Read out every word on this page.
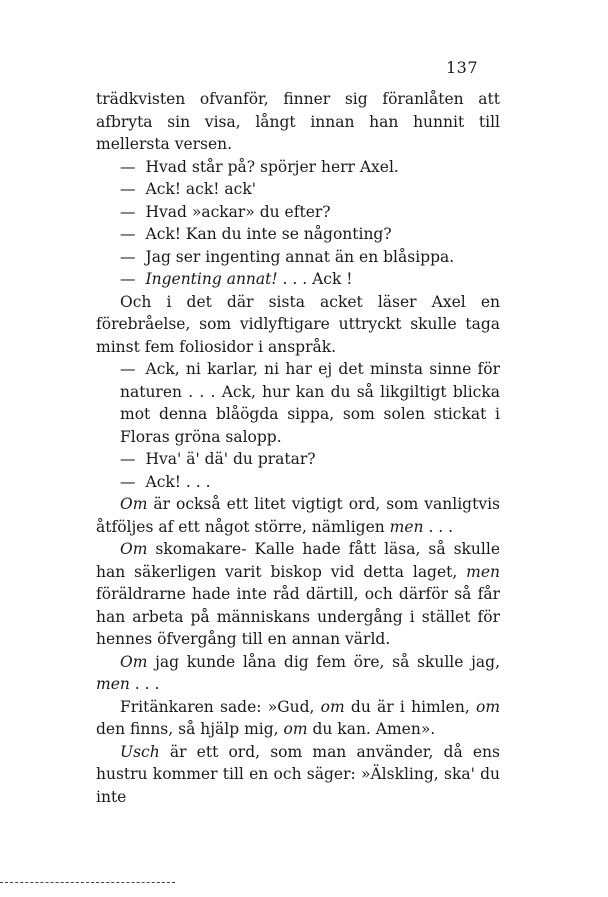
137

trädkvisten ofvanför, finner sig föranlåten att afbryta sin visa, långt innan han hunnit till mellersta versen.

— Hvad står på? spörjer herr Axel.

— Ack! ack! ack'

— Hvad »ackar» du efter?

— Ack! Kan du inte se någonting?

— Jag ser ingenting annat än en blåsippa.

— Ingenting annat! . . . Ack !

Och i det där sista acket läser Axel en förebråelse, som vidlyftigare uttryckt skulle taga minst fem foliosidor i anspråk.

— Ack, ni karlar, ni har ej det minsta sinne för naturen . . . Ack, hur kan du så likgiltigt blicka mot denna blåögda sippa, som solen stickat i Floras gröna salopp.

— Hva' ä' dä' du pratar?

— Ack! . . .

Om är också ett litet vigtigt ord, som vanligtvis åtföljes af ett något större, nämligen men . . .

Om skomakare- Kalle hade fått läsa, så skulle han säkerligen varit biskop vid detta laget, men föräldrarne hade inte råd därtill, och därför så får han arbeta på människans undergång i stället för hennes öfvergång till en annan värld.

Om jag kunde låna dig fem öre, så skulle jag, men . . .

Fritänkaren sade: »Gud, om du är i himlen, om den finns, så hjälp mig, om du kan. Amen».

Usch är ett ord, som man använder, då ens hustru kommer till en och säger: »Älskling, ska' du inte
